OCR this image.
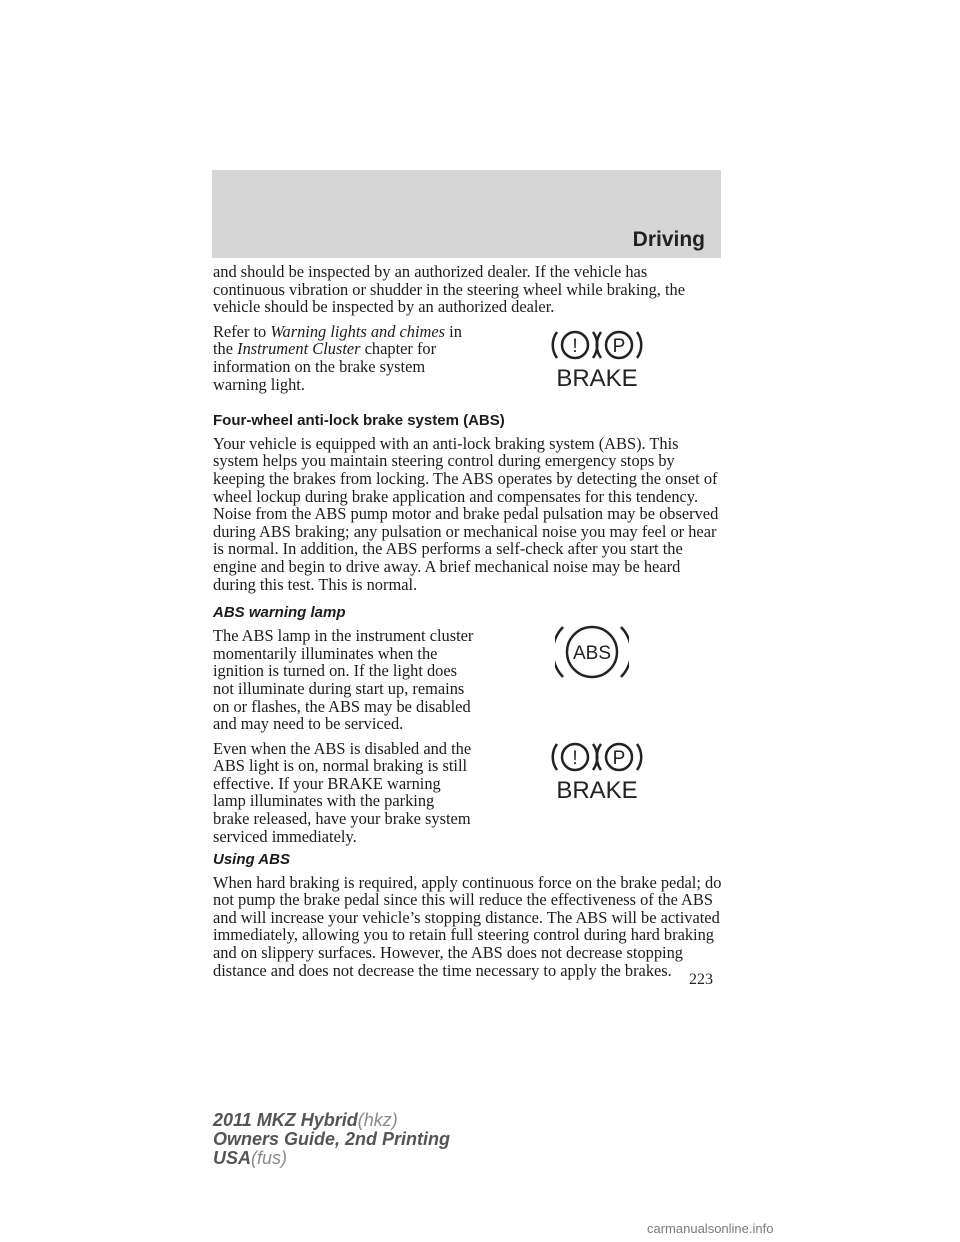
Driving

and should be inspected by an authorized dealer. If the vehicle has continuous vibration or shudder in the steering wheel while braking, the vehicle should be inspected by an authorized dealer.

Refer to Warning lights and chimes in the Instrument Cluster chapter for information on the brake system warning light.
! P
BRAKE
Four-wheel anti-lock brake system (ABS)

Your vehicle is equipped with an anti-lock braking system (ABS). This system helps you maintain steering control during emergency stops by keeping the brakes from locking. The ABS operates by detecting the onset of wheel lockup during brake application and compensates for this tendency. Noise from the ABS pump motor and brake pedal pulsation may be observed during ABS braking; any pulsation or mechanical noise you may feel or hear is normal. In addition, the ABS performs a self-check after you start the engine and begin to drive away. A brief mechanical noise may be heard during this test. This is normal.

ABS warning lamp

The ABS lamp in the instrument cluster momentarily illuminates when the ignition is turned on. If the light does not illuminate during start up, remains on or flashes, the ABS may be disabled and may need to be serviced.

ABS
Even when the ABS is disabled and the ABS light is on, normal braking is still effective. If your BRAKE warning lamp illuminates with the parking brake released, have your brake system serviced immediately.
! P
BRAKE
Using ABS

When hard braking is required, apply continuous force on the brake pedal; do not pump the brake pedal since this will reduce the effectiveness of the ABS and will increase your vehicle’s stopping distance. The ABS will be activated immediately, allowing you to retain full steering control during hard braking and on slippery surfaces. However, the ABS does not decrease stopping distance and does not decrease the time necessary to apply the brakes.	223
2011 MKZ Hybrid(hkz)
Owners Guide, 2nd Printing
USA(fus)
carmanualsonline.info
